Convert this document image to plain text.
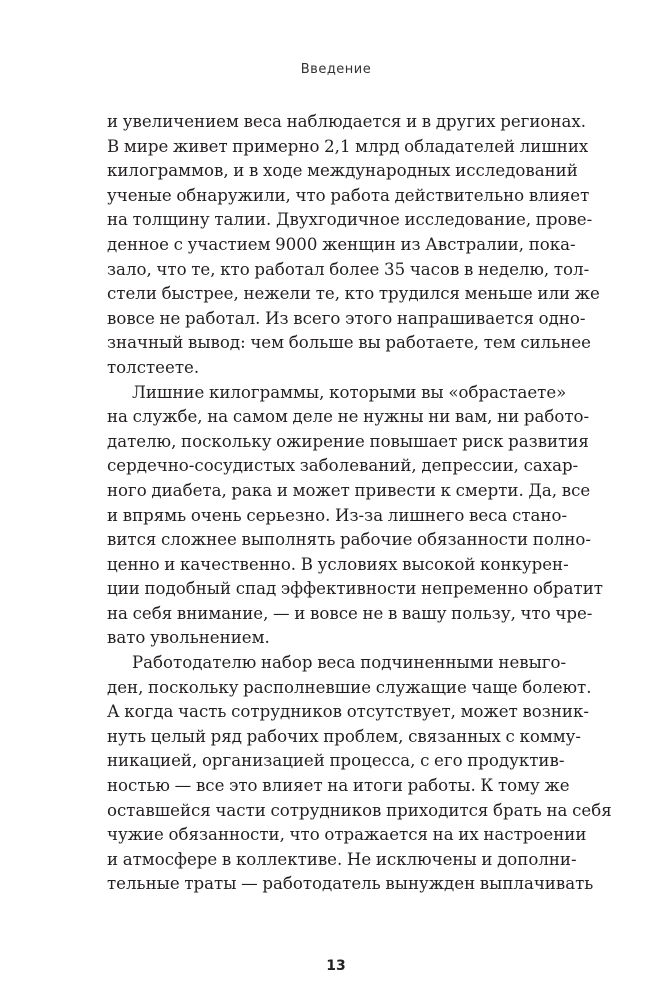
Введение
и увеличением веса наблюдается и в других регионах.
В мире живет примерно 2,1 млрд обладателей лишних
килограммов, и в ходе международных исследований
ученые обнаружили, что работа действительно влияет
на толщину талии. Двухгодичное исследование, прове-
денное с участием 9000 женщин из Австралии, пока-
зало, что те, кто работал более 35 часов в неделю, тол-
стели быстрее, нежели те, кто трудился меньше или же
вовсе не работал. Из всего этого напрашивается одно-
значный вывод: чем больше вы работаете, тем сильнее
толстеете.
Лишние килограммы, которыми вы «обрастаете»
на службе, на самом деле не нужны ни вам, ни работо-
дателю, поскольку ожирение повышает риск развития
сердечно-сосудистых заболеваний, депрессии, сахар-
ного диабета, рака и может привести к смерти. Да, все
и впрямь очень серьезно. Из-за лишнего веса стано-
вится сложнее выполнять рабочие обязанности полно-
ценно и качественно. В условиях высокой конкурен-
ции подобный спад эффективности непременно обратит
на себя внимание, — и вовсе не в вашу пользу, что чре-
вато увольнением.
Работодателю набор веса подчиненными невыго-
ден, поскольку располневшие служащие чаще болеют.
А когда часть сотрудников отсутствует, может возник-
нуть целый ряд рабочих проблем, связанных с комму-
никацией, организацией процесса, с его продуктив-
ностью — все это влияет на итоги работы. К тому же
оставшейся части сотрудников приходится брать на себя
чужие обязанности, что отражается на их настроении
и атмосфере в коллективе. Не исключены и дополни-
тельные траты — работодатель вынужден выплачивать
13
